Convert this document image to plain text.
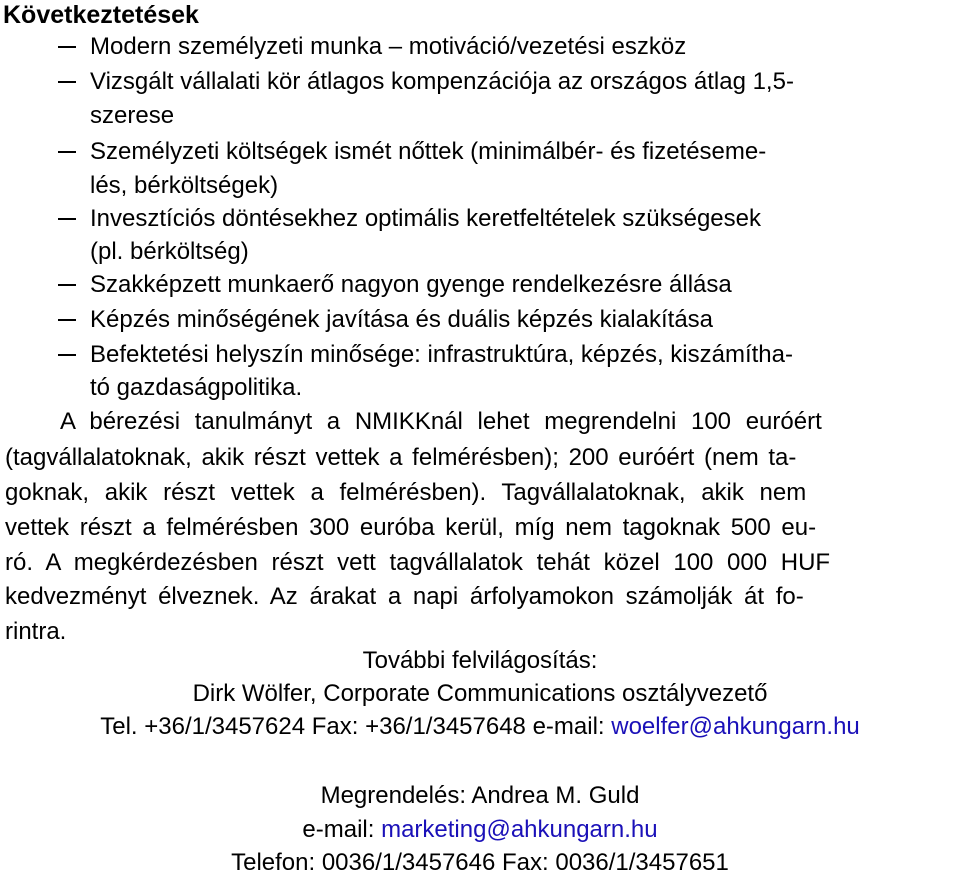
Következtetések
Modern személyzeti munka – motiváció/vezetési eszköz
Vizsgált vállalati kör átlagos kompenzációja az országos átlag 1,5-
szerese
Személyzeti költségek ismét nőttek (minimálbér- és fizetéseme-
lés, bérköltségek)
Invesztíciós döntésekhez optimális keretfeltételek szükségesek
(pl. bérköltség)
Szakképzett munkaerő nagyon gyenge rendelkezésre állása
Képzés minőségének javítása és duális képzés kialakítása
Befektetési helyszín minősége: infrastruktúra, képzés, kiszámítha-
tó gazdaságpolitika.
A bérezési tanulmányt a NMIKKnál lehet megrendelni 100 euróért
(tagvállalatoknak, akik részt vettek a felmérésben); 200 euróért (nem ta-
goknak, akik részt vettek a felmérésben). Tagvállalatoknak, akik nem
vettek részt a felmérésben 300 euróba kerül, míg nem tagoknak 500 eu-
ró. A megkérdezésben részt vett tagvállalatok tehát közel 100 000 HUF
kedvezményt élveznek. Az árakat a napi árfolyamokon számolják át fo-
rintra.
További felvilágosítás:
Dirk Wölfer, Corporate Communications osztályvezető
Tel. +36/1/3457624 Fax: +36/1/3457648 e-mail: woelfer@ahkungarn.hu
Megrendelés: Andrea M. Guld
e-mail: marketing@ahkungarn.hu
Telefon: 0036/1/3457646 Fax: 0036/1/3457651
